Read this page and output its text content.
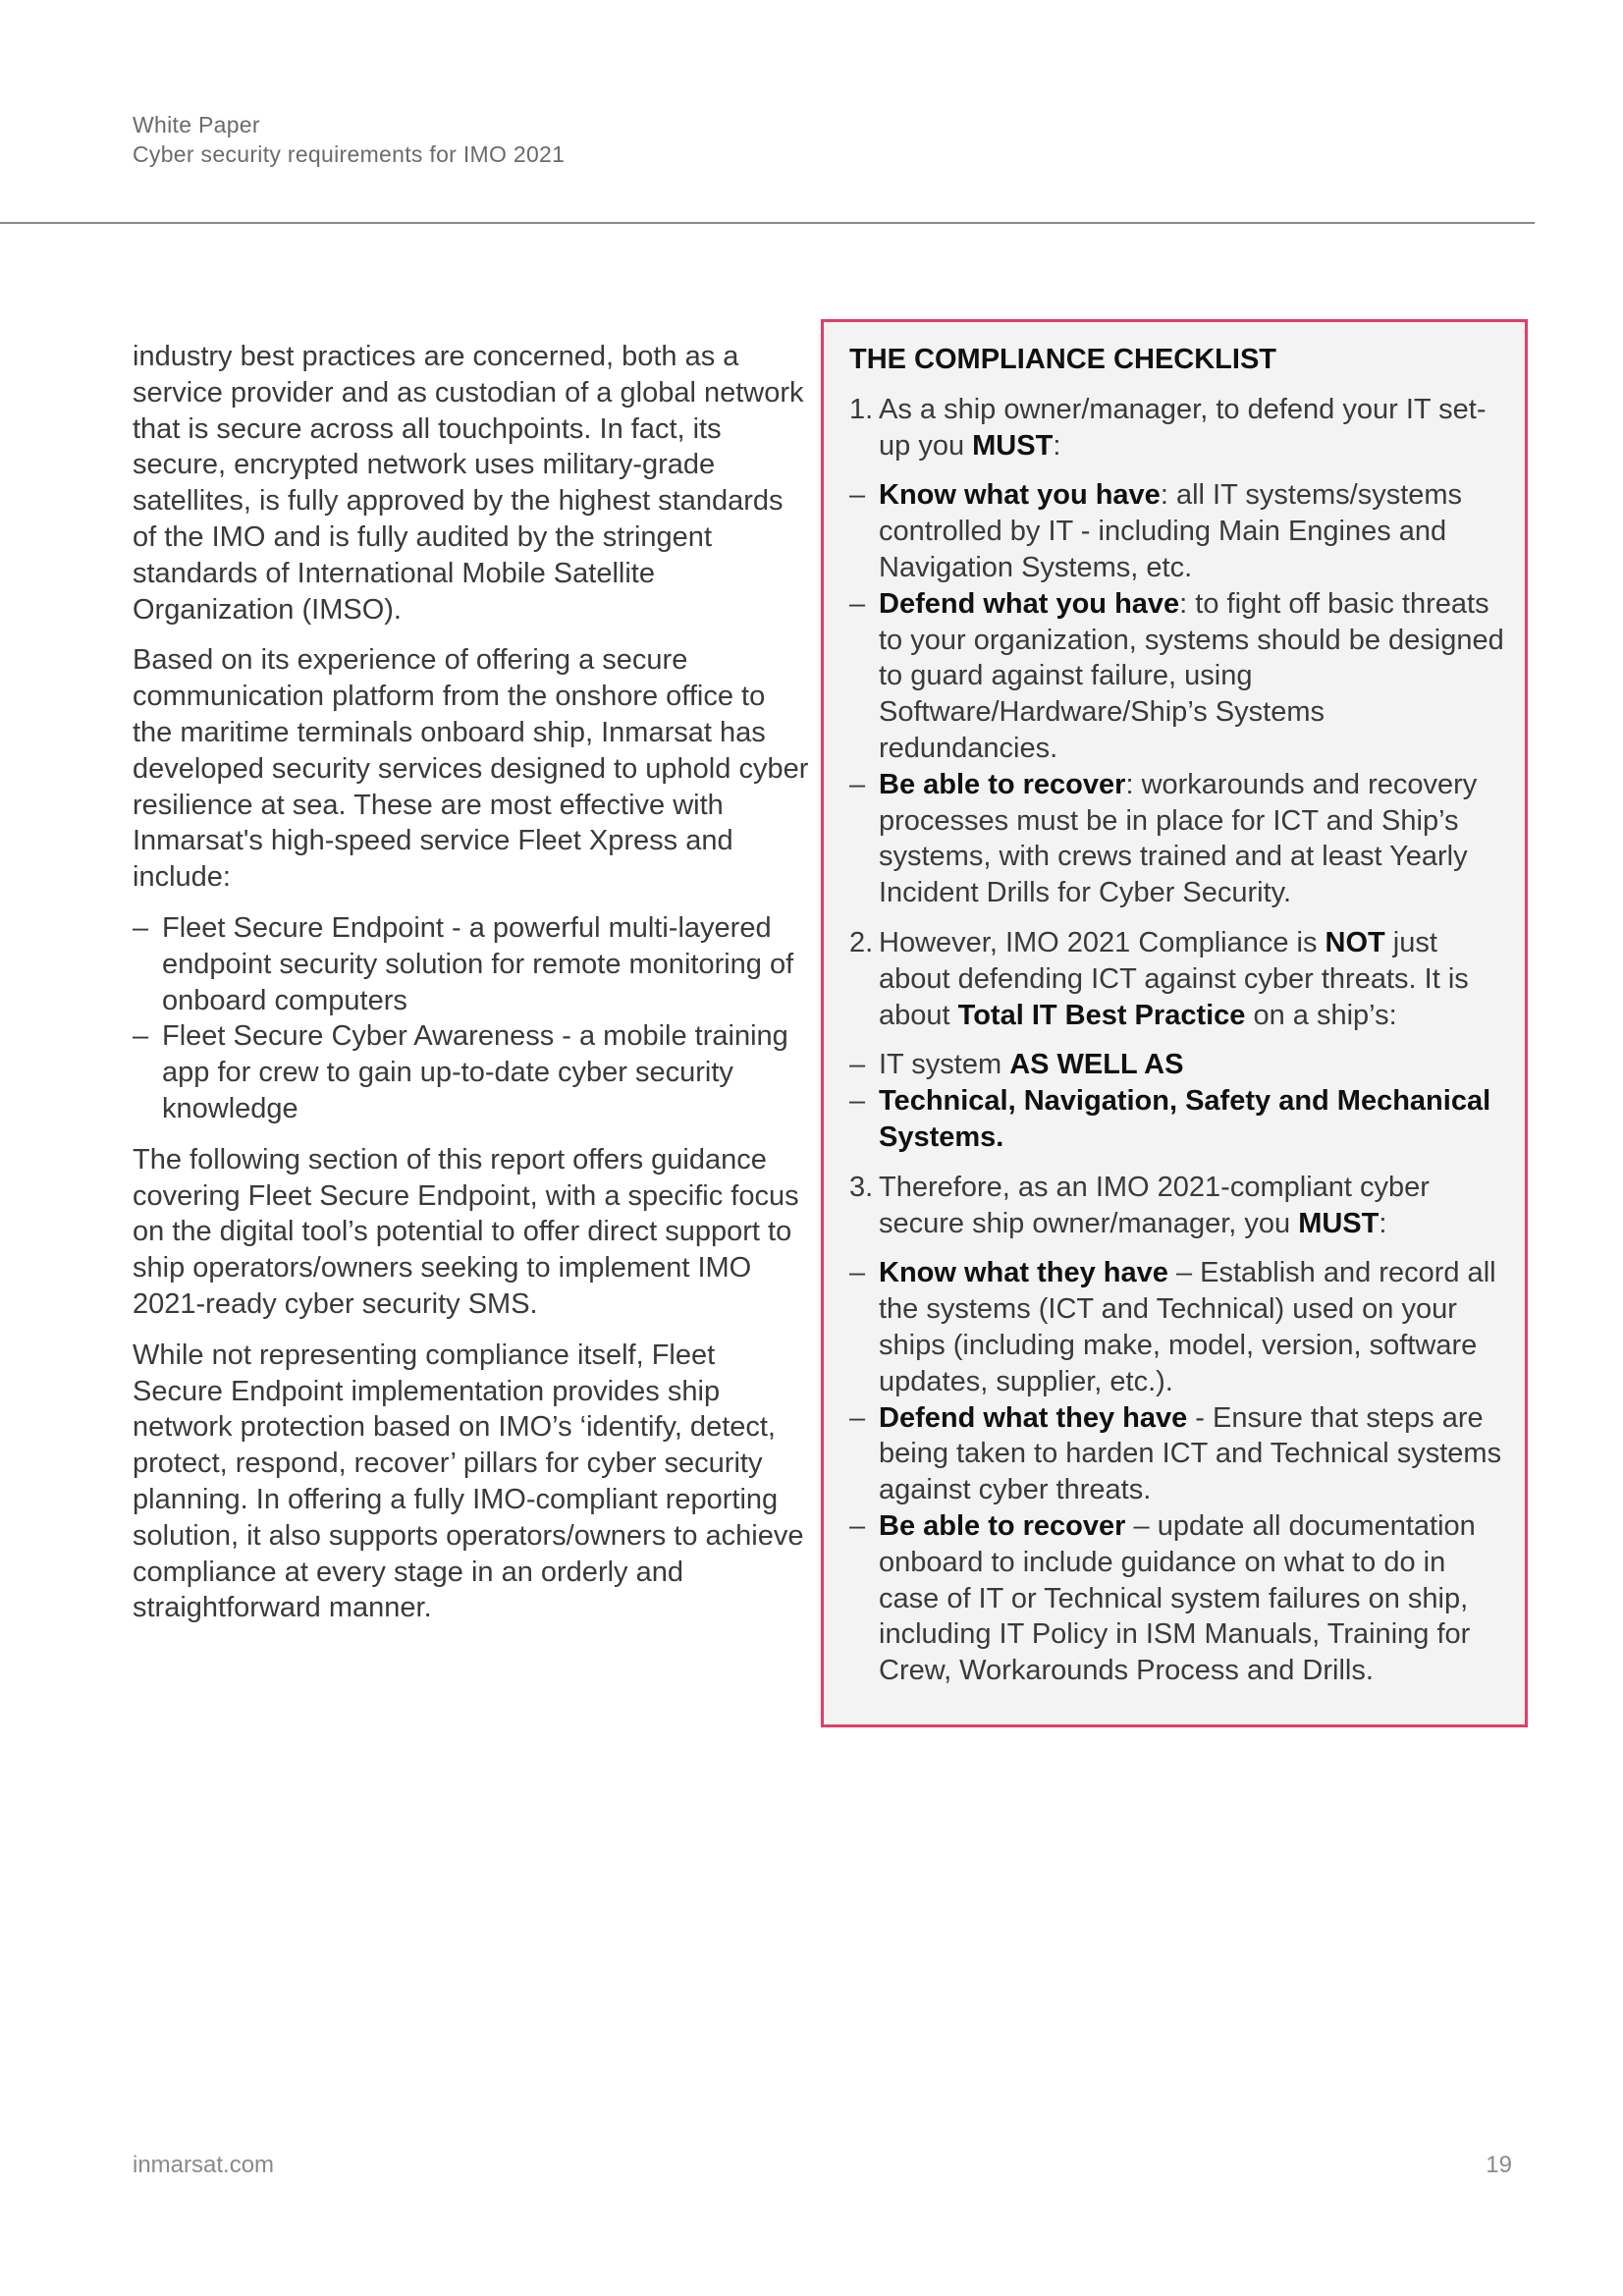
White Paper
Cyber security requirements for IMO 2021

industry best practices are concerned, both as a service provider and as custodian of a global network that is secure across all touchpoints. In fact, its secure, encrypted network uses military-grade satellites, is fully approved by the highest standards of the IMO and is fully audited by the stringent standards of International Mobile Satellite Organization (IMSO).

Based on its experience of offering a secure communication platform from the onshore office to the maritime terminals onboard ship, Inmarsat has developed security services designed to uphold cyber resilience at sea. These are most effective with Inmarsat's high-speed service Fleet Xpress and include:

– Fleet Secure Endpoint - a powerful multi-layered endpoint security solution for remote monitoring of onboard computers
– Fleet Secure Cyber Awareness - a mobile training app for crew to gain up-to-date cyber security knowledge

The following section of this report offers guidance covering Fleet Secure Endpoint, with a specific focus on the digital tool’s potential to offer direct support to ship operators/owners seeking to implement IMO 2021-ready cyber security SMS.

While not representing compliance itself, Fleet Secure Endpoint implementation provides ship network protection based on IMO’s ‘identify, detect, protect, respond, recover’ pillars for cyber security planning. In offering a fully IMO-compliant reporting solution, it also supports operators/owners to achieve compliance at every stage in an orderly and straightforward manner.

THE COMPLIANCE CHECKLIST
1. As a ship owner/manager, to defend your IT set-up you MUST:
– Know what you have: all IT systems/systems controlled by IT - including Main Engines and Navigation Systems, etc.
– Defend what you have: to fight off basic threats to your organization, systems should be designed to guard against failure, using Software/Hardware/Ship’s Systems redundancies.
– Be able to recover: workarounds and recovery processes must be in place for ICT and Ship’s systems, with crews trained and at least Yearly Incident Drills for Cyber Security.
2. However, IMO 2021 Compliance is NOT just about defending ICT against cyber threats. It is about Total IT Best Practice on a ship’s:
– IT system AS WELL AS
– Technical, Navigation, Safety and Mechanical Systems.
3. Therefore, as an IMO 2021-compliant cyber secure ship owner/manager, you MUST:
– Know what they have – Establish and record all the systems (ICT and Technical) used on your ships (including make, model, version, software updates, supplier, etc.).
– Defend what they have - Ensure that steps are being taken to harden ICT and Technical systems against cyber threats.
– Be able to recover – update all documentation onboard to include guidance on what to do in case of IT or Technical system failures on ship, including IT Policy in ISM Manuals, Training for Crew, Workarounds Process and Drills.
inmarsat.com	19
